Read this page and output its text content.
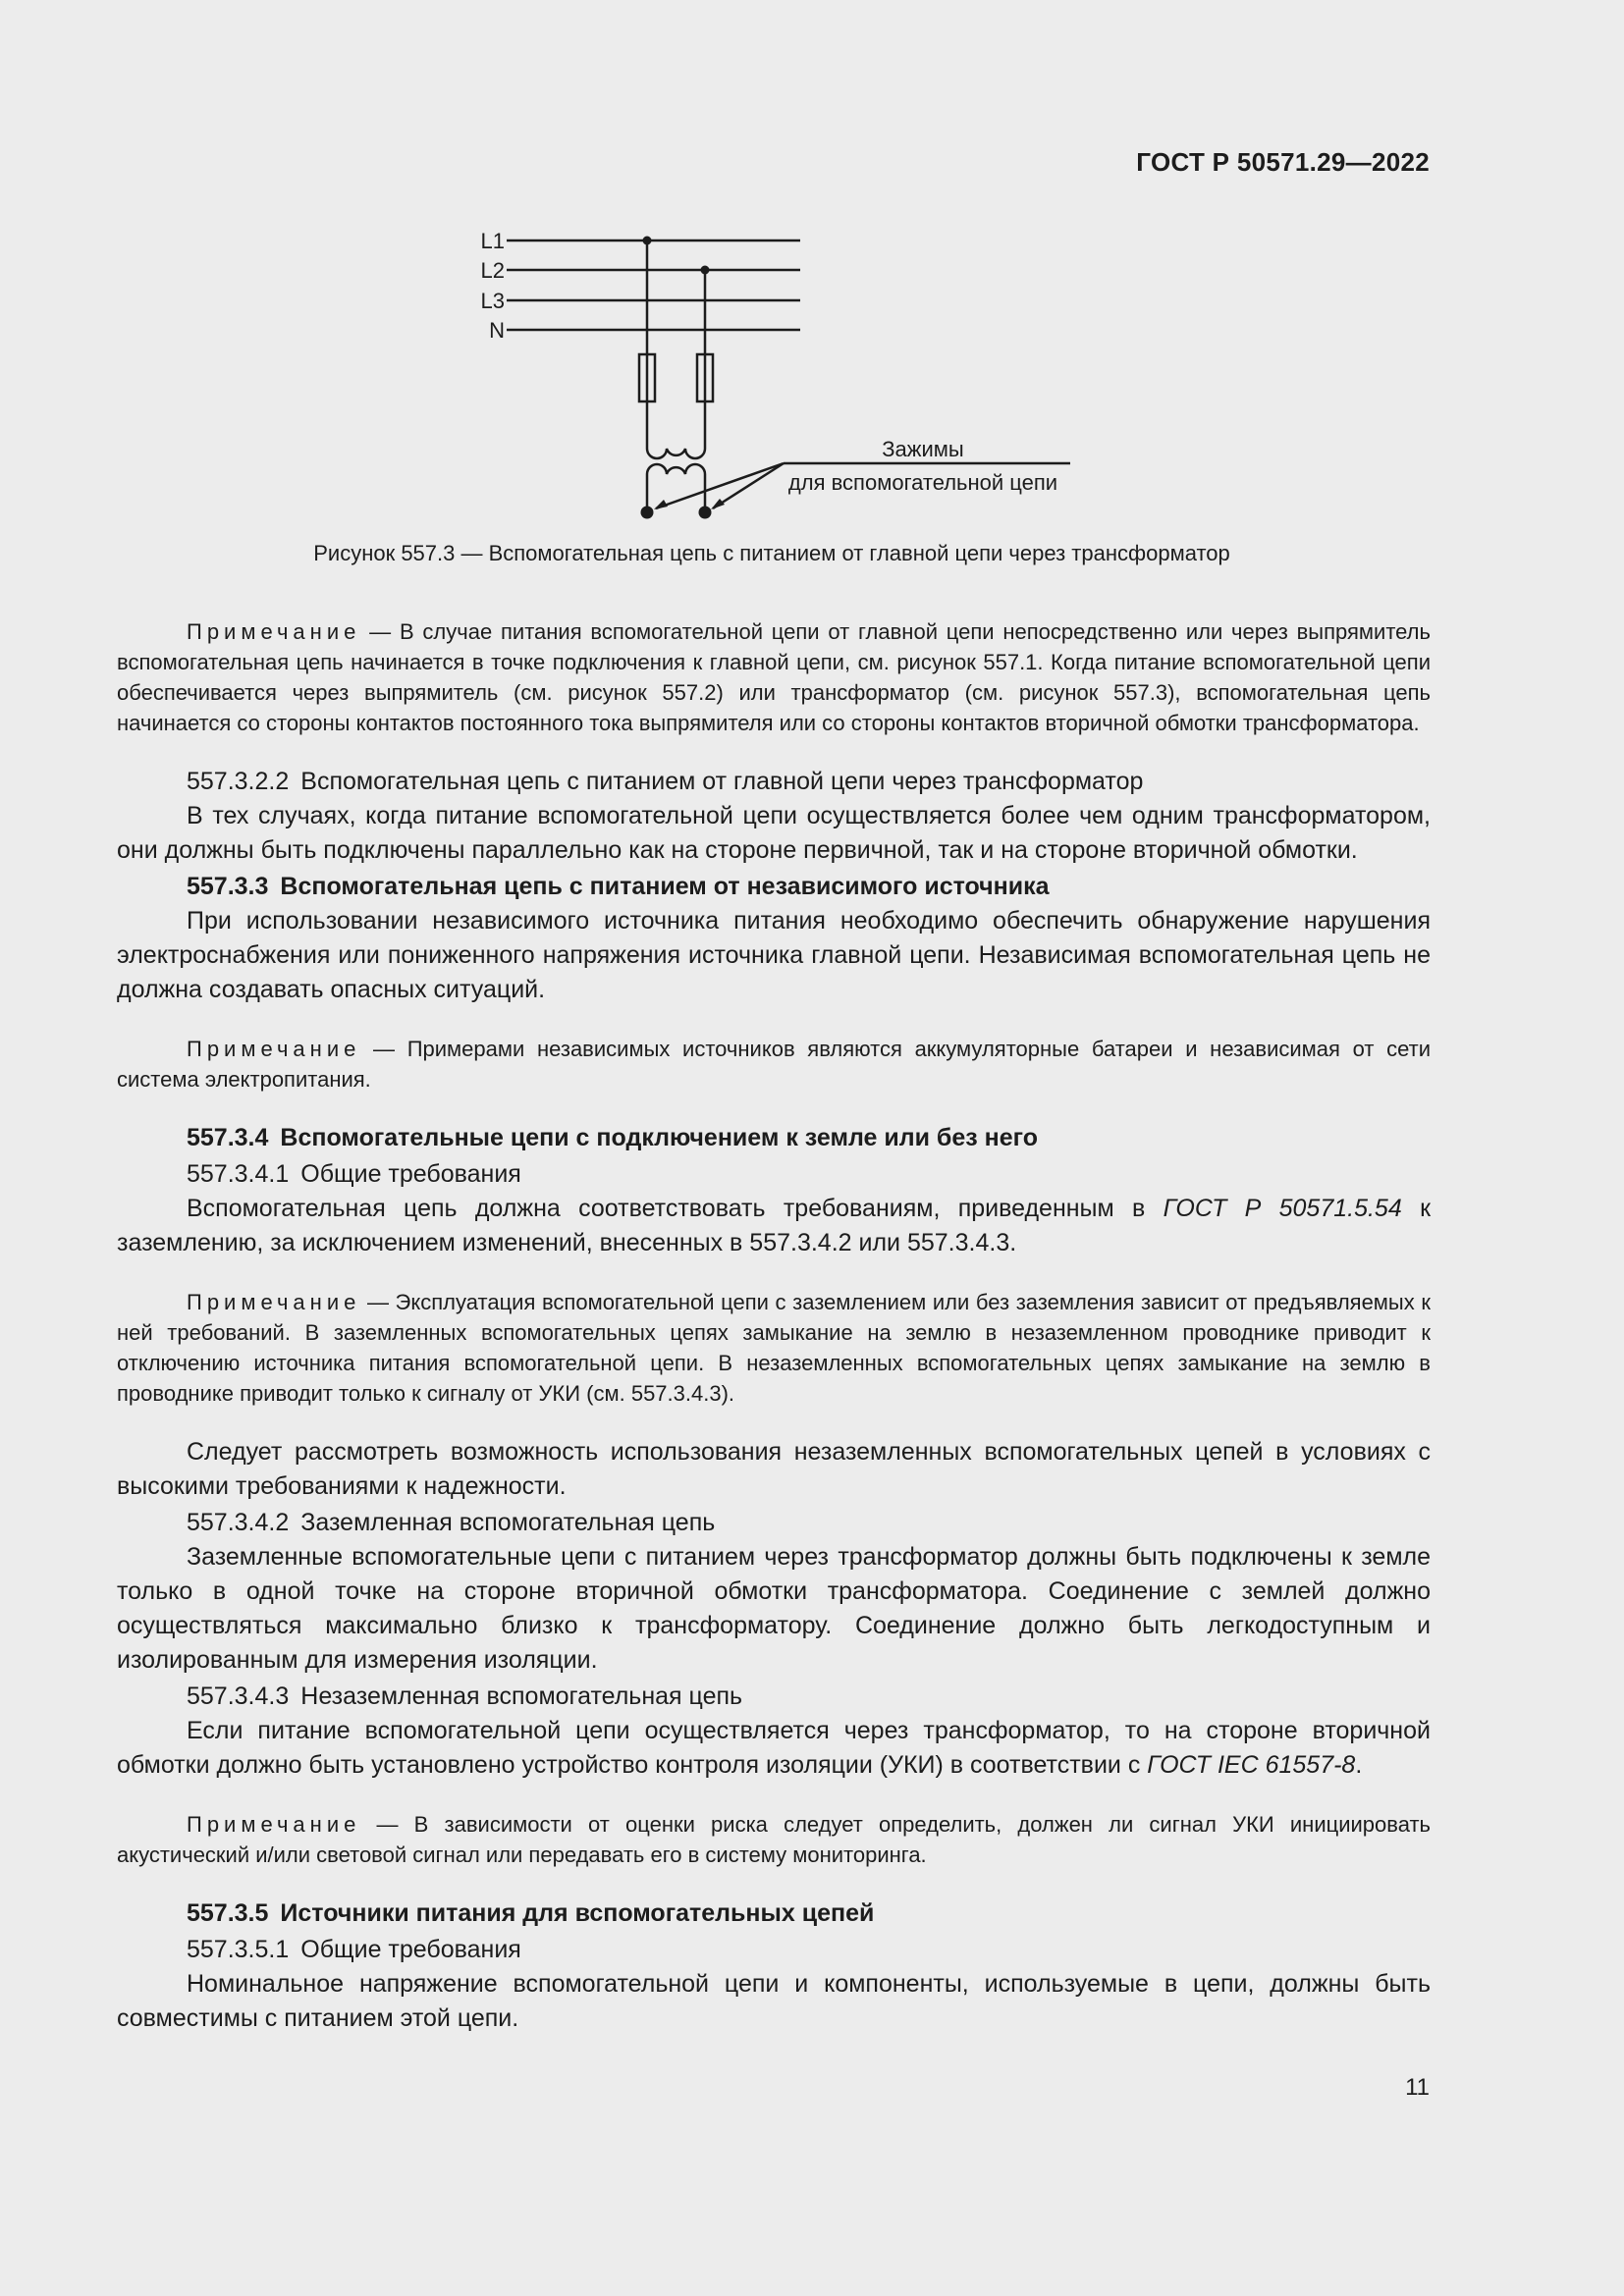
ГОСТ Р 50571.29—2022
L1
L2
L3
N
Зажимы
для вспомогательной цепи
Рисунок 557.3 — Вспомогательная цепь с питанием от главной цепи через трансформатор

Примечание — В случае питания вспомогательной цепи от главной цепи непосредственно или через выпрямитель вспомогательная цепь начинается в точке подключения к главной цепи, см. рисунок 557.1. Когда питание вспомогательной цепи обеспечивается через выпрямитель (см. рисунок 557.2) или трансформатор (см. рисунок 557.3), вспомогательная цепь начинается со стороны контактов постоянного тока выпрямителя или со стороны контактов вторичной обмотки трансформатора.

557.3.2.2 Вспомогательная цепь с питанием от главной цепи через трансформатор

В тех случаях, когда питание вспомогательной цепи осуществляется более чем одним трансформатором, они должны быть подключены параллельно как на стороне первичной, так и на стороне вторичной обмотки.

557.3.3 Вспомогательная цепь с питанием от независимого источника

При использовании независимого источника питания необходимо обеспечить обнаружение нарушения электроснабжения или пониженного напряжения источника главной цепи. Независимая вспомогательная цепь не должна создавать опасных ситуаций.

Примечание — Примерами независимых источников являются аккумуляторные батареи и независимая от сети система электропитания.

557.3.4 Вспомогательные цепи с подключением к земле или без него

557.3.4.1 Общие требования

Вспомогательная цепь должна соответствовать требованиям, приведенным в ГОСТ Р 50571.5.54 к заземлению, за исключением изменений, внесенных в 557.3.4.2 или 557.3.4.3.

Примечание — Эксплуатация вспомогательной цепи с заземлением или без заземления зависит от предъявляемых к ней требований. В заземленных вспомогательных цепях замыкание на землю в незаземленном проводнике приводит к отключению источника питания вспомогательной цепи. В незаземленных вспомогательных цепях замыкание на землю в проводнике приводит только к сигналу от УКИ (см. 557.3.4.3).

Следует рассмотреть возможность использования незаземленных вспомогательных цепей в условиях с высокими требованиями к надежности.

557.3.4.2 Заземленная вспомогательная цепь

Заземленные вспомогательные цепи с питанием через трансформатор должны быть подключены к земле только в одной точке на стороне вторичной обмотки трансформатора. Соединение с землей должно осуществляться максимально близко к трансформатору. Соединение должно быть легкодоступным и изолированным для измерения изоляции.

557.3.4.3 Незаземленная вспомогательная цепь

Если питание вспомогательной цепи осуществляется через трансформатор, то на стороне вторичной обмотки должно быть установлено устройство контроля изоляции (УКИ) в соответствии с ГОСТ IEC 61557-8.

Примечание — В зависимости от оценки риска следует определить, должен ли сигнал УКИ инициировать акустический и/или световой сигнал или передавать его в систему мониторинга.

557.3.5 Источники питания для вспомогательных цепей

557.3.5.1 Общие требования

Номинальное напряжение вспомогательной цепи и компоненты, используемые в цепи, должны быть совместимы с питанием этой цепи.

11
